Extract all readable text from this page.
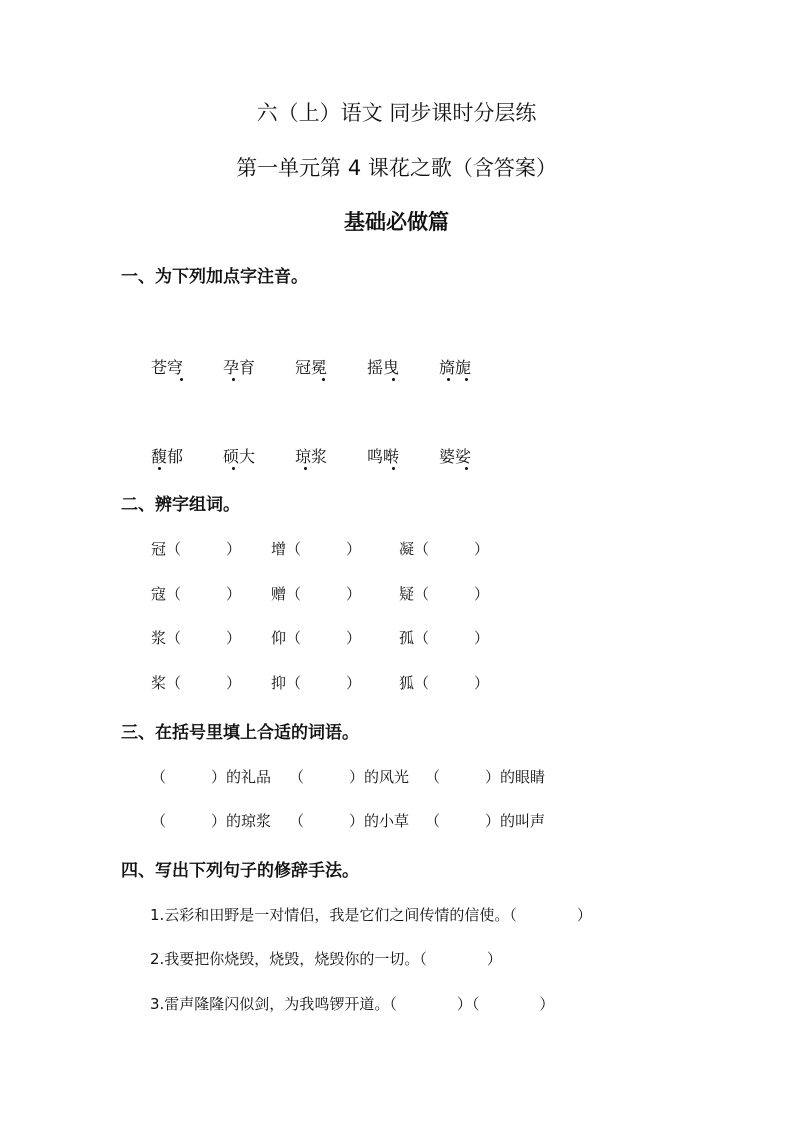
六（上）语文 同步课时分层练
第一单元第 4 课花之歌（含答案）
基础必做篇
一、为下列加点字注音。
苍穹 孕育 冠冕 摇曳 旖旎
馥郁 硕大 琼浆 鸣啭 婆娑
二、辨字组词。
冠（　　　） 增（　　　）	凝（　　　）
寇（　　　） 赠（　　　）	疑（　　　）
浆（　　　） 仰（　　　）	孤（　　　）
桨（　　　） 抑（　　　）	狐（　　　）
三、在括号里填上合适的词语。
（　　　）的礼品 （　　　）的风光 （　　　）的眼睛
（　　　）的琼浆 （　　　）的小草 （　　　）的叫声
四、写出下列句子的修辞手法。
1.云彩和田野是一对情侣，我是它们之间传情的信使。（　　　　）
2.我要把你烧毁，烧毁，烧毁你的一切。（　　　　）
3.雷声隆隆闪似剑，为我鸣锣开道。（　　　　）（　　　　）
